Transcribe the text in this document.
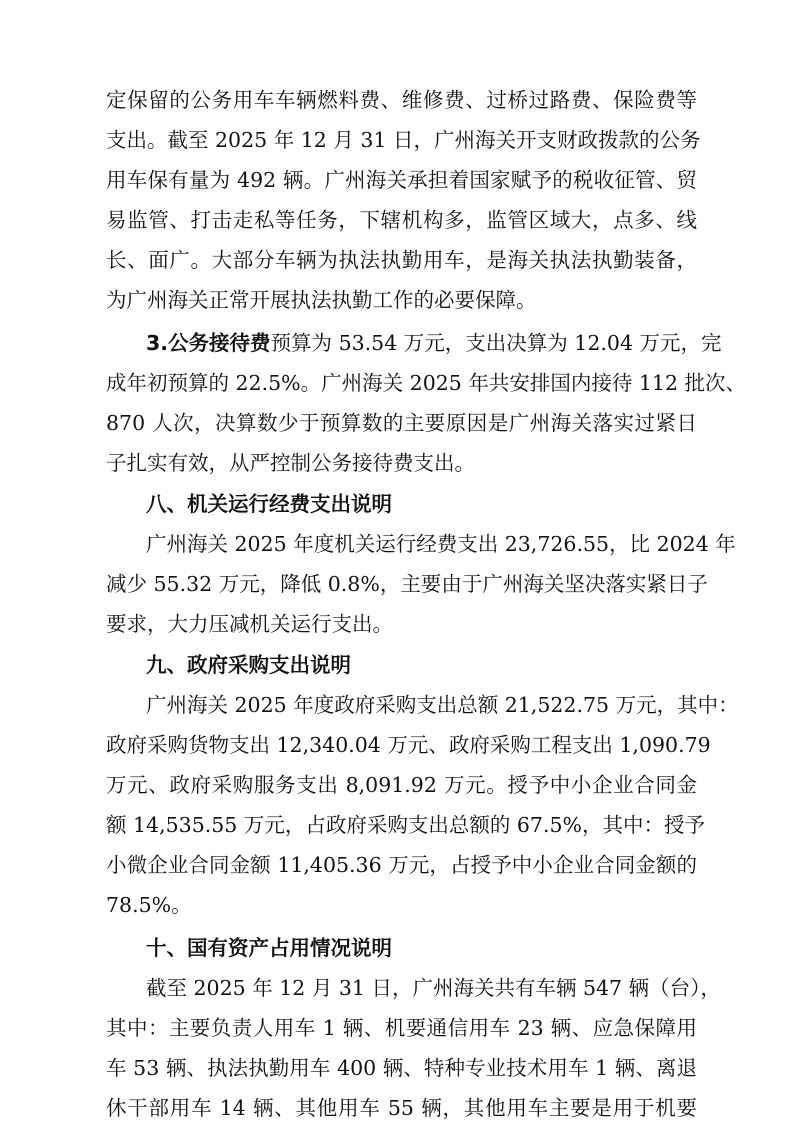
定保留的公务用车车辆燃料费、维修费、过桥过路费、保险费等
支出。截至 2025 年 12 月 31 日，广州海关开支财政拨款的公务
用车保有量为 492 辆。广州海关承担着国家赋予的税收征管、贸
易监管、打击走私等任务，下辖机构多，监管区域大，点多、线
长、面广。大部分车辆为执法执勤用车，是海关执法执勤装备，
为广州海关正常开展执法执勤工作的必要保障。
3.公务接待费预算为 53.54 万元，支出决算为 12.04 万元，完
成年初预算的 22.5%。广州海关 2025 年共安排国内接待 112 批次、
870 人次，决算数少于预算数的主要原因是广州海关落实过紧日
子扎实有效，从严控制公务接待费支出。
八、机关运行经费支出说明
广州海关 2025 年度机关运行经费支出 23,726.55，比 2024 年
减少 55.32 万元，降低 0.8%，主要由于广州海关坚决落实紧日子
要求，大力压减机关运行支出。
九、政府采购支出说明
广州海关 2025 年度政府采购支出总额 21,522.75 万元，其中：
政府采购货物支出 12,340.04 万元、政府采购工程支出 1,090.79
万元、政府采购服务支出 8,091.92 万元。授予中小企业合同金
额 14,535.55 万元，占政府采购支出总额的 67.5%，其中：授予
小微企业合同金额 11,405.36 万元，占授予中小企业合同金额的
78.5%。
十、国有资产占用情况说明
截至 2025 年 12 月 31 日，广州海关共有车辆 547 辆（台），
其中：主要负责人用车 1 辆、机要通信用车 23 辆、应急保障用
车 53 辆、执法执勤用车 400 辆、特种专业技术用车 1 辆、离退
休干部用车 14 辆、其他用车 55 辆，其他用车主要是用于机要
